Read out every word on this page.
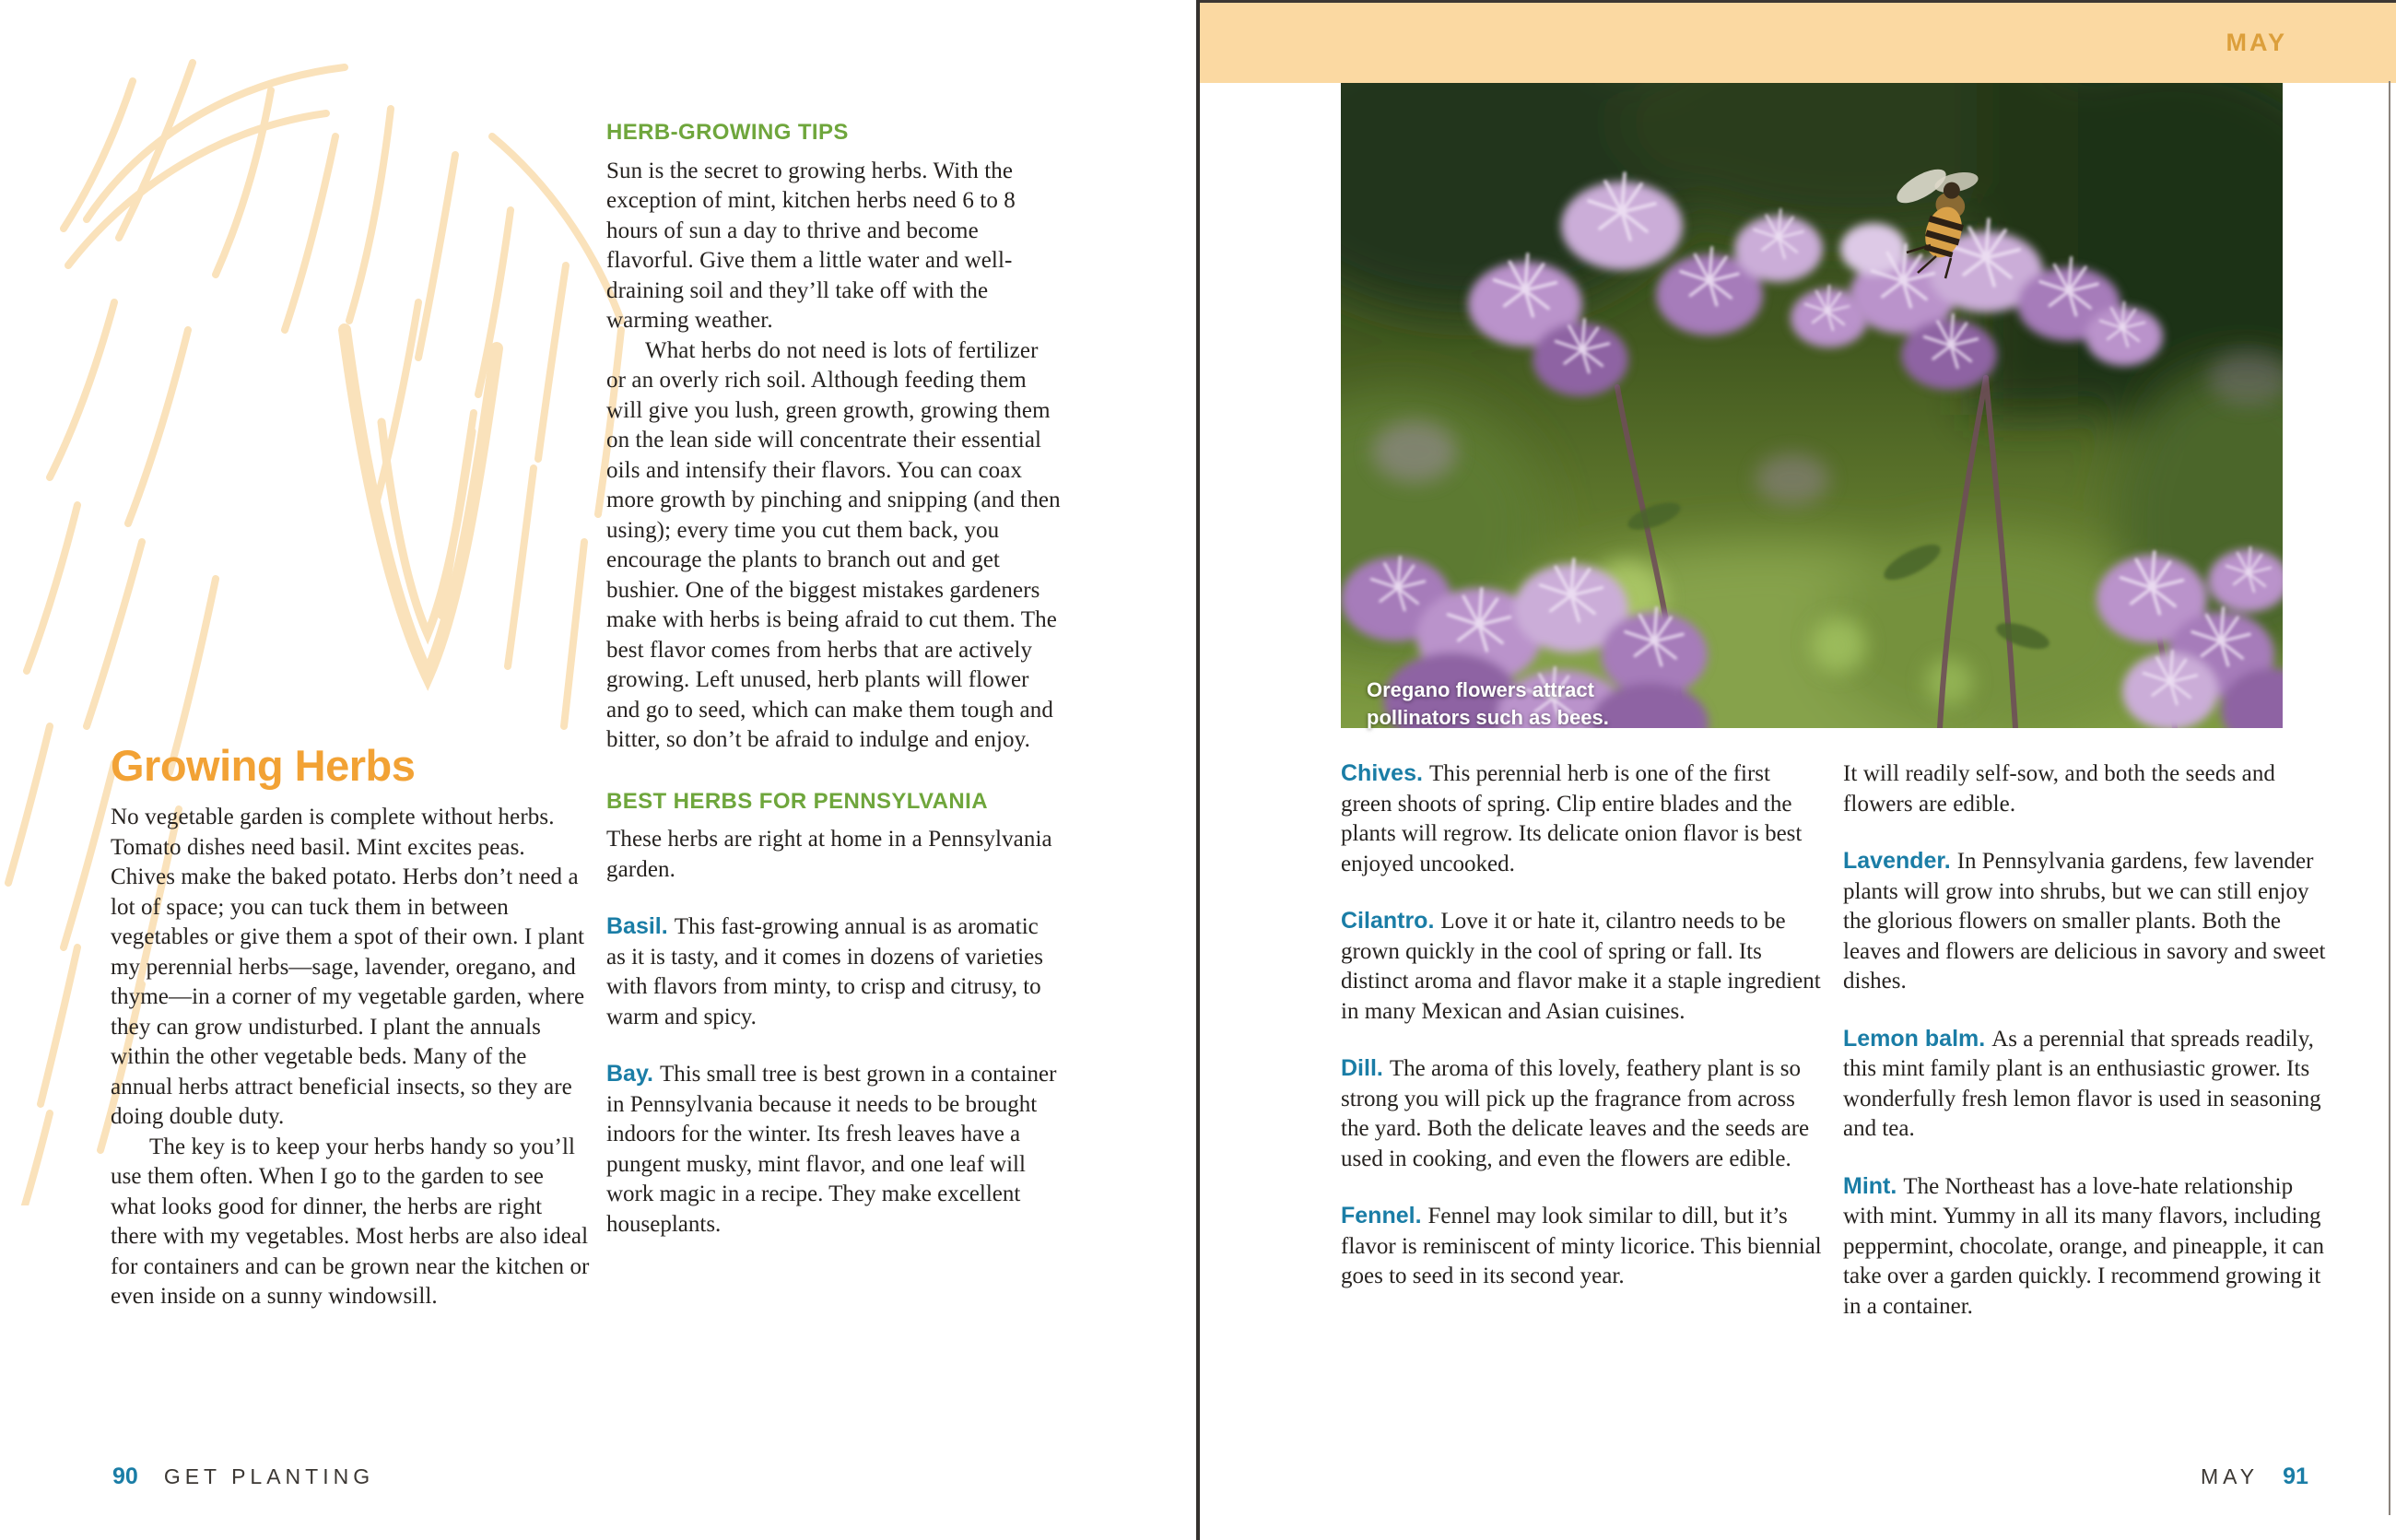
Growing Herbs

No vegetable garden is complete without herbs. Tomato dishes need basil. Mint excites peas. Chives make the baked potato. Herbs don’t need a lot of space; you can tuck them in between vegetables or give them a spot of their own. I plant my perennial herbs—sage, lavender, oregano, and thyme—in a corner of my vegetable garden, where they can grow undisturbed. I plant the annuals within the other vegetable beds. Many of the annual herbs attract beneficial insects, so they are doing double duty.

The key is to keep your herbs handy so you’ll use them often. When I go to the garden to see what looks good for dinner, the herbs are right there with my vegetables. Most herbs are also ideal for containers and can be grown near the kitchen or even inside on a sunny windowsill.

HERB-GROWING TIPS

Sun is the secret to growing herbs. With the exception of mint, kitchen herbs need 6 to 8 hours of sun a day to thrive and become flavorful. Give them a little water and well-draining soil and they’ll take off with the warming weather.

What herbs do not need is lots of fertilizer or an overly rich soil. Although feeding them will give you lush, green growth, growing them on the lean side will concentrate their essential oils and intensify their flavors. You can coax more growth by pinching and snipping (and then using); every time you cut them back, you encourage the plants to branch out and get bushier. One of the biggest mistakes gardeners make with herbs is being afraid to cut them. The best flavor comes from herbs that are actively growing. Left unused, herb plants will flower and go to seed, which can make them tough and bitter, so don’t be afraid to indulge and enjoy.

BEST HERBS FOR PENNSYLVANIA

These herbs are right at home in a Pennsylvania garden.

Basil. This fast-growing annual is as aromatic as it is tasty, and it comes in dozens of varieties with flavors from minty, to crisp and citrusy, to warm and spicy.

Bay. This small tree is best grown in a container in Pennsylvania because it needs to be brought indoors for the winter. Its fresh leaves have a pungent musky, mint flavor, and one leaf will work magic in a recipe. They make excellent houseplants.

90 GET PLANTING
MAY
Oregano flowers attract
pollinators such as bees.

Chives. This perennial herb is one of the first green shoots of spring. Clip entire blades and the plants will regrow. Its delicate onion flavor is best enjoyed uncooked.

Cilantro. Love it or hate it, cilantro needs to be grown quickly in the cool of spring or fall. Its distinct aroma and flavor make it a staple ingredient in many Mexican and Asian cuisines.

Dill. The aroma of this lovely, feathery plant is so strong you will pick up the fragrance from across the yard. Both the delicate leaves and the seeds are used in cooking, and even the flowers are edible.

Fennel. Fennel may look similar to dill, but it’s flavor is reminiscent of minty licorice. This biennial goes to seed in its second year.

It will readily self-sow, and both the seeds and flowers are edible.

Lavender. In Pennsylvania gardens, few lavender plants will grow into shrubs, but we can still enjoy the glorious flowers on smaller plants. Both the leaves and flowers are delicious in savory and sweet dishes.

Lemon balm. As a perennial that spreads readily, this mint family plant is an enthusiastic grower. Its wonderfully fresh lemon flavor is used in seasoning and tea.

Mint. The Northeast has a love-hate relationship with mint. Yummy in all its many flavors, including peppermint, chocolate, orange, and pineapple, it can take over a garden quickly. I recommend growing it in a container.

MAY 91
